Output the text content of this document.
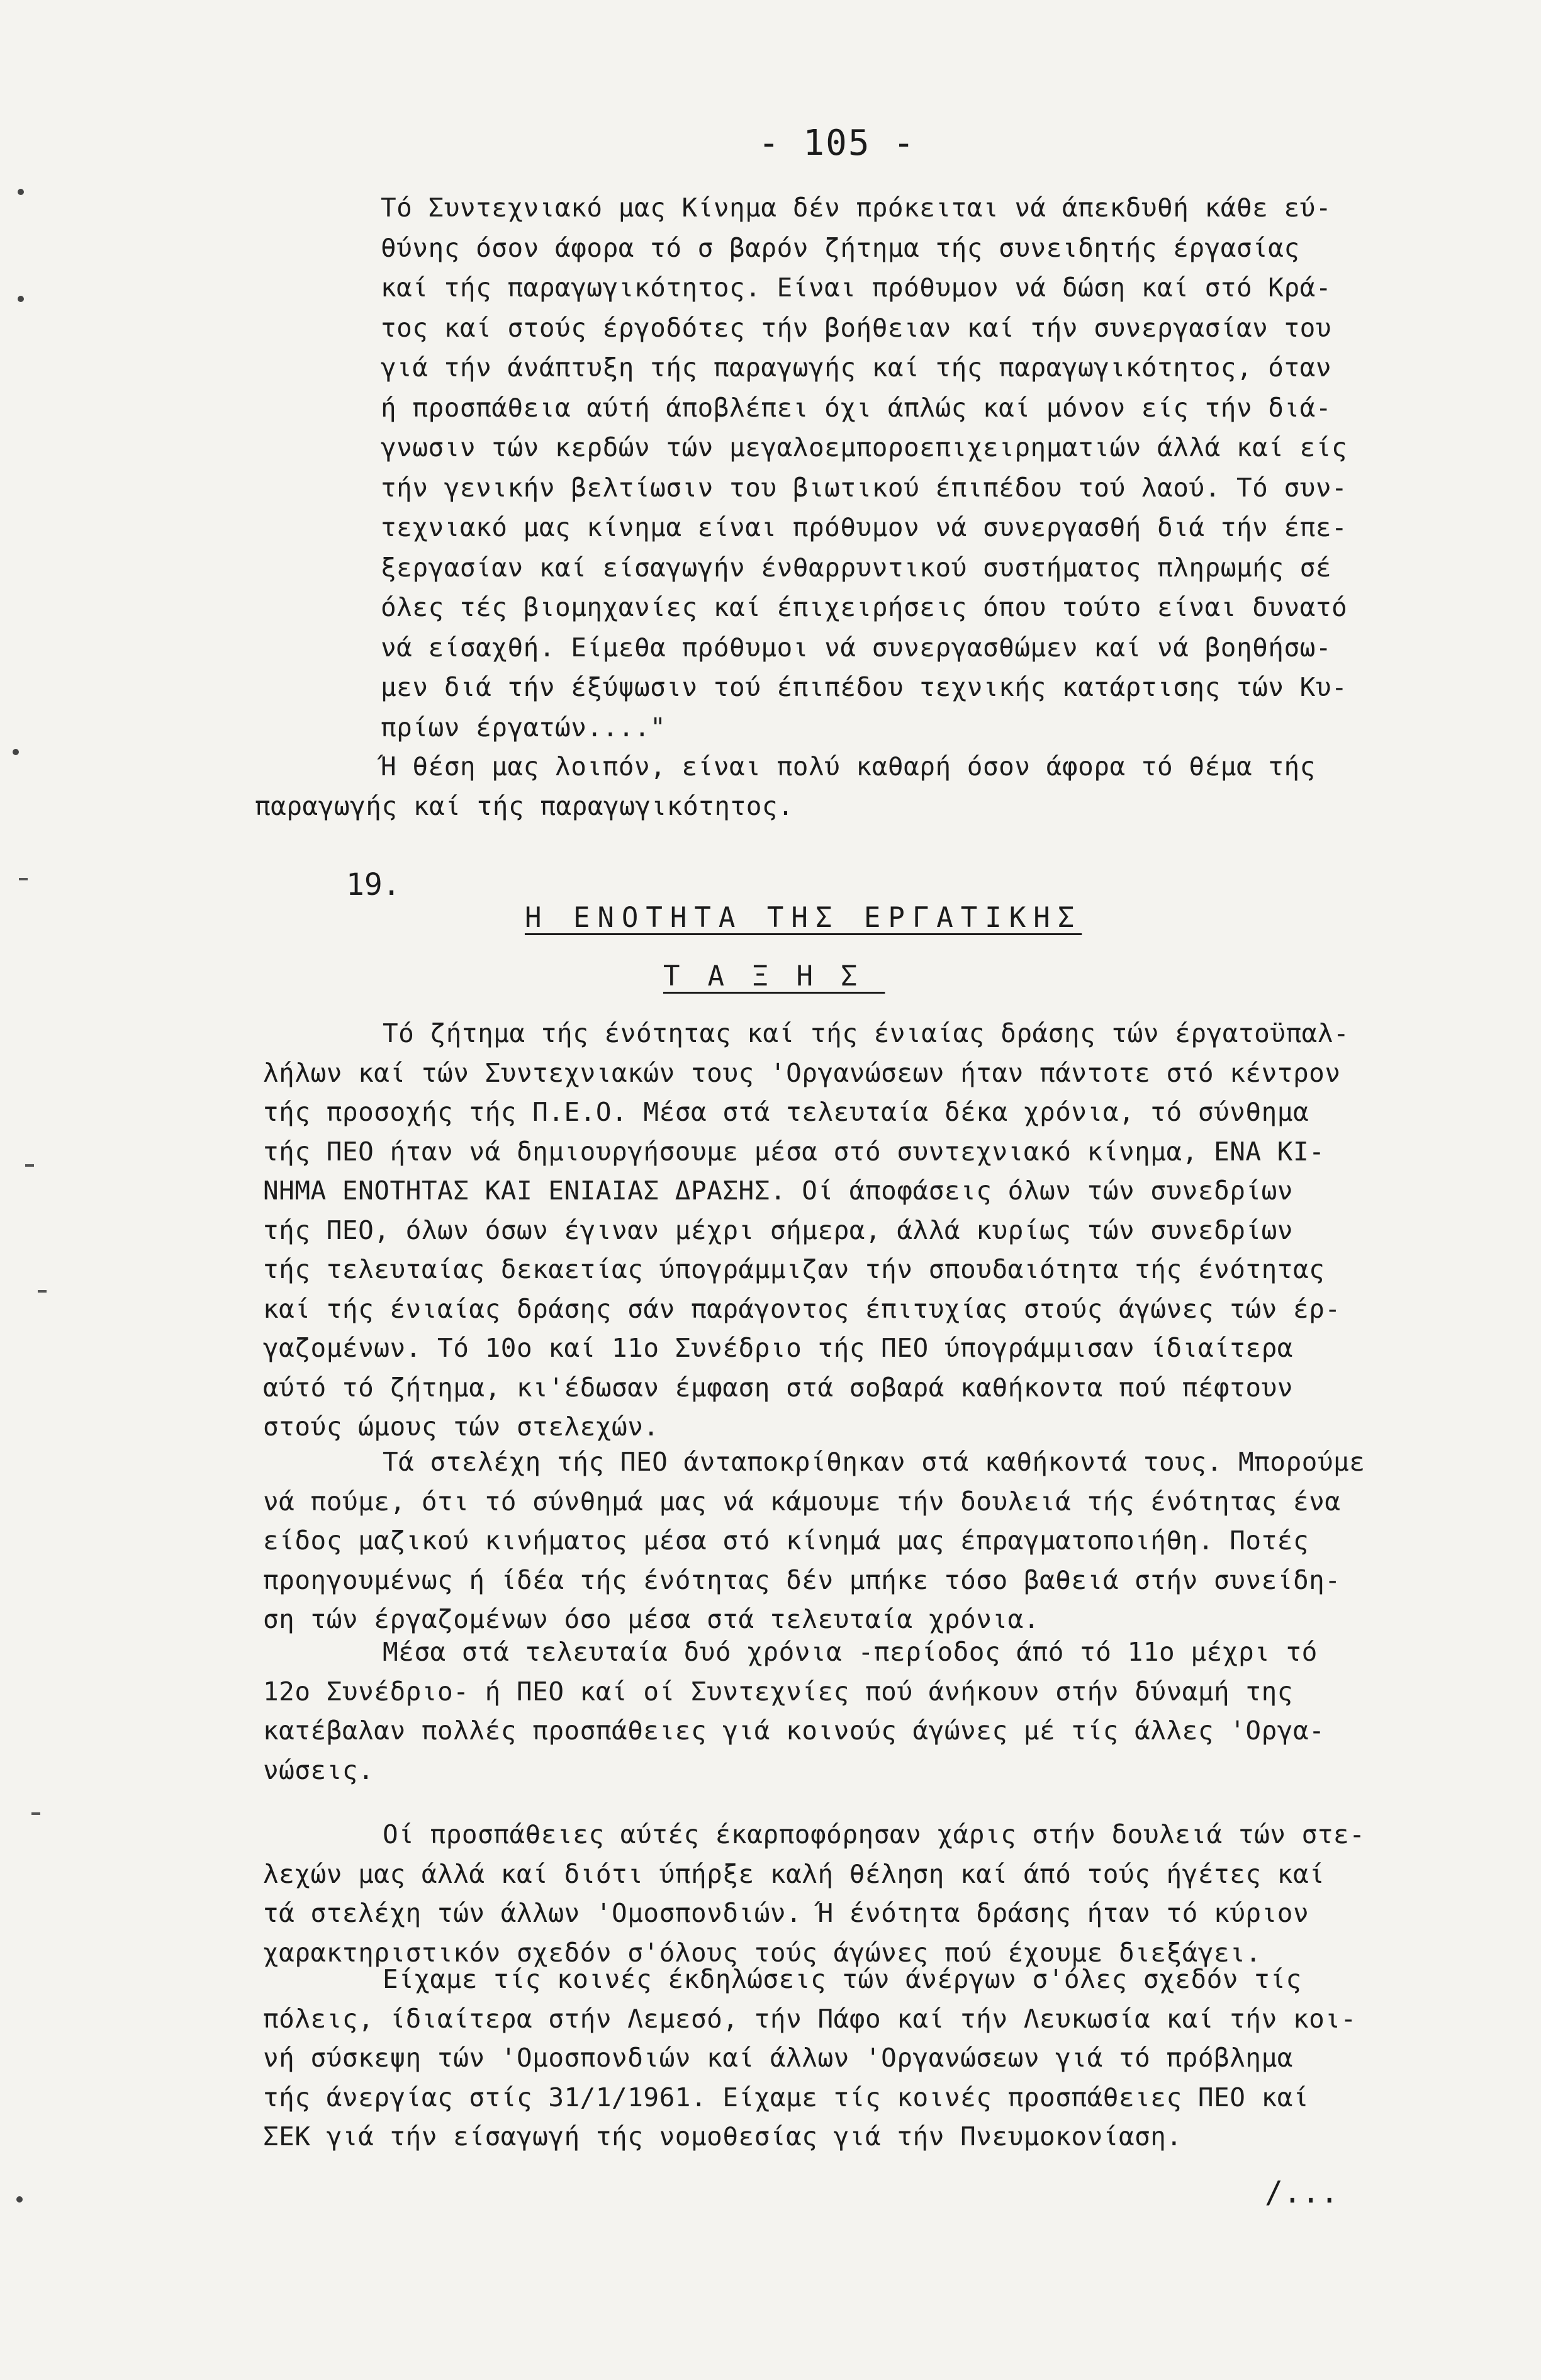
- 105 -
Tó Συντεχνιακό μας Κίνημα δέν πρόκειται νά άπεκδυθή κάθε εύ-
θύνης όσον άφορα τό σ βαρόν ζήτημα τής συνειδητής έργασίας
καί τής παραγωγικότητος. Είναι πρόθυμον νά δώση καί στό Κρά-
τος καί στούς έργοδότες τήν βοήθειαν καί τήν συνεργασίαν του
γιά τήν άνάπτυξη τής παραγωγής καί τής παραγωγικότητος, όταν
ή προσπάθεια αύτή άποβλέπει όχι άπλώς καί μόνον είς τήν διά-
γνωσιν τών κερδών τών μεγαλοεμποροεπιχειρηματιών άλλά καί είς
τήν γενικήν βελτίωσιν του βιωτικού έπιπέδου τού λαού. Τό συν-
τεχνιακό μας κίνημα είναι πρόθυμον νά συνεργασθή διά τήν έπε-
ξεργασίαν καί είσαγωγήν ένθαρρυντικού συστήματος πληρωμής σέ
όλες τές βιομηχανίες καί έπιχειρήσεις όπου τούτο είναι δυνατό
νά είσαχθή. Είμεθα πρόθυμοι νά συνεργασθώμεν καί νά βοηθήσω-
μεν διά τήν έξύψωσιν τού έπιπέδου τεχνικής κατάρτισης τών Κυ-
πρίων έργατών...."
Ή θέση μας λοιπόν, είναι πολύ καθαρή όσον άφορα τό θέμα τής
παραγωγής καί τής παραγωγικότητος.
19.

Η ΕΝΟΤΗΤΑ ΤΗΣ ΕΡΓΑΤΙΚΗΣ

ΤΑΞΗΣ

Τό ζήτημα τής ένότητας καί τής ένιαίας δράσης τών έργατοϋπαλ-
λήλων καί τών Συντεχνιακών τους 'Οργανώσεων ήταν πάντοτε στό κέντρον
τής προσοχής τής Π.Ε.Ο. Μέσα στά τελευταία δέκα χρόνια, τό σύνθημα
τής ΠΕΟ ήταν νά δημιουργήσουμε μέσα στό συντεχνιακό κίνημα, ΕΝΑ ΚΙ-
ΝΗΜΑ ΕΝΟΤΗΤΑΣ ΚΑΙ ΕΝΙΑΙΑΣ ΔΡΑΣΗΣ. Οί άποφάσεις όλων τών συνεδρίων
τής ΠΕΟ, όλων όσων έγιναν μέχρι σήμερα, άλλά κυρίως τών συνεδρίων
τής τελευταίας δεκαετίας ύπογράμμιζαν τήν σπουδαιότητα τής ένότητας
καί τής ένιαίας δράσης σάν παράγοντος έπιτυχίας στούς άγώνες τών έρ-
γαζομένων. Τό 10ο καί 11ο Συνέδριο τής ΠΕΟ ύπογράμμισαν ίδιαίτερα
αύτό τό ζήτημα, κι'έδωσαν έμφαση στά σοβαρά καθήκοντα πού πέφτουν
στούς ώμους τών στελεχών.
Τά στελέχη τής ΠΕΟ άνταποκρίθηκαν στά καθήκοντά τους. Μπορούμε
νά πούμε, ότι τό σύνθημά μας νά κάμουμε τήν δουλειά τής ένότητας ένα
είδος μαζικού κινήματος μέσα στό κίνημά μας έπραγματοποιήθη. Ποτές
προηγουμένως ή ίδέα τής ένότητας δέν μπήκε τόσο βαθειά στήν συνείδη-
ση τών έργαζομένων όσο μέσα στά τελευταία χρόνια.
Μέσα στά τελευταία δυό χρόνια -περίοδος άπό τό 11ο μέχρι τό
12ο Συνέδριο- ή ΠΕΟ καί οί Συντεχνίες πού άνήκουν στήν δύναμή της
κατέβαλαν πολλές προσπάθειες γιά κοινούς άγώνες μέ τίς άλλες 'Οργα-
νώσεις.
Οί προσπάθειες αύτές έκαρποφόρησαν χάρις στήν δουλειά τών στε-
λεχών μας άλλά καί διότι ύπήρξε καλή θέληση καί άπό τούς ήγέτες καί
τά στελέχη τών άλλων 'Ομοσπονδιών. Ή ένότητα δράσης ήταν τό κύριον
χαρακτηριστικόν σχεδόν σ'όλους τούς άγώνες πού έχουμε διεξάγει.
Είχαμε τίς κοινές έκδηλώσεις τών άνέργων σ'όλες σχεδόν τίς
πόλεις, ίδιαίτερα στήν Λεμεσό, τήν Πάφο καί τήν Λευκωσία καί τήν κοι-
νή σύσκεψη τών 'Ομοσπονδιών καί άλλων 'Οργανώσεων γιά τό πρόβλημα
τής άνεργίας στίς 31/1/1961. Είχαμε τίς κοινές προσπάθειες ΠΕΟ καί
ΣΕΚ γιά τήν είσαγωγή τής νομοθεσίας γιά τήν Πνευμοκονίαση.
/...
